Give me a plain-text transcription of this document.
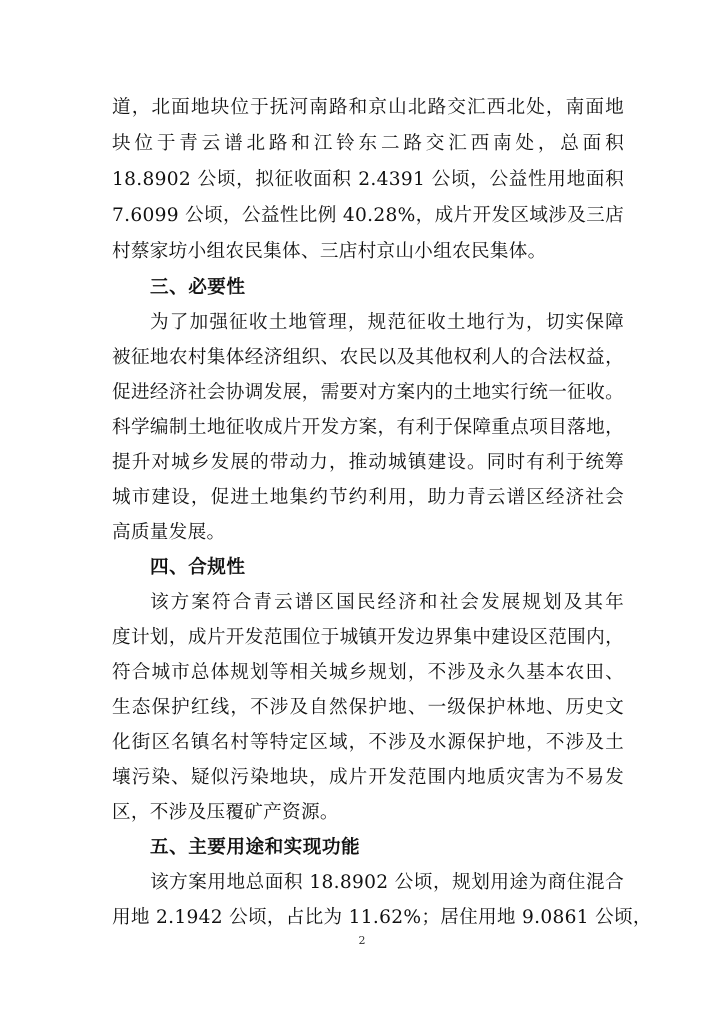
道，北面地块位于抚河南路和京山北路交汇西北处，南面地
块位于青云谱北路和江铃东二路交汇西南处，总面积
18.8902 公顷，拟征收面积 2.4391 公顷，公益性用地面积
7.6099 公顷，公益性比例 40.28%，成片开发区域涉及三店
村蔡家坊小组农民集体、三店村京山小组农民集体。
三、必要性
为了加强征收土地管理，规范征收土地行为，切实保障
被征地农村集体经济组织、农民以及其他权利人的合法权益，
促进经济社会协调发展，需要对方案内的土地实行统一征收。
科学编制土地征收成片开发方案，有利于保障重点项目落地，
提升对城乡发展的带动力，推动城镇建设。同时有利于统筹
城市建设，促进土地集约节约利用，助力青云谱区经济社会
高质量发展。
四、合规性
该方案符合青云谱区国民经济和社会发展规划及其年
度计划，成片开发范围位于城镇开发边界集中建设区范围内，
符合城市总体规划等相关城乡规划，不涉及永久基本农田、
生态保护红线，不涉及自然保护地、一级保护林地、历史文
化街区名镇名村等特定区域，不涉及水源保护地，不涉及土
壤污染、疑似污染地块，成片开发范围内地质灾害为不易发
区，不涉及压覆矿产资源。
五、主要用途和实现功能
该方案用地总面积 18.8902 公顷，规划用途为商住混合
用地 2.1942 公顷，占比为 11.62%；居住用地 9.0861 公顷，
2
